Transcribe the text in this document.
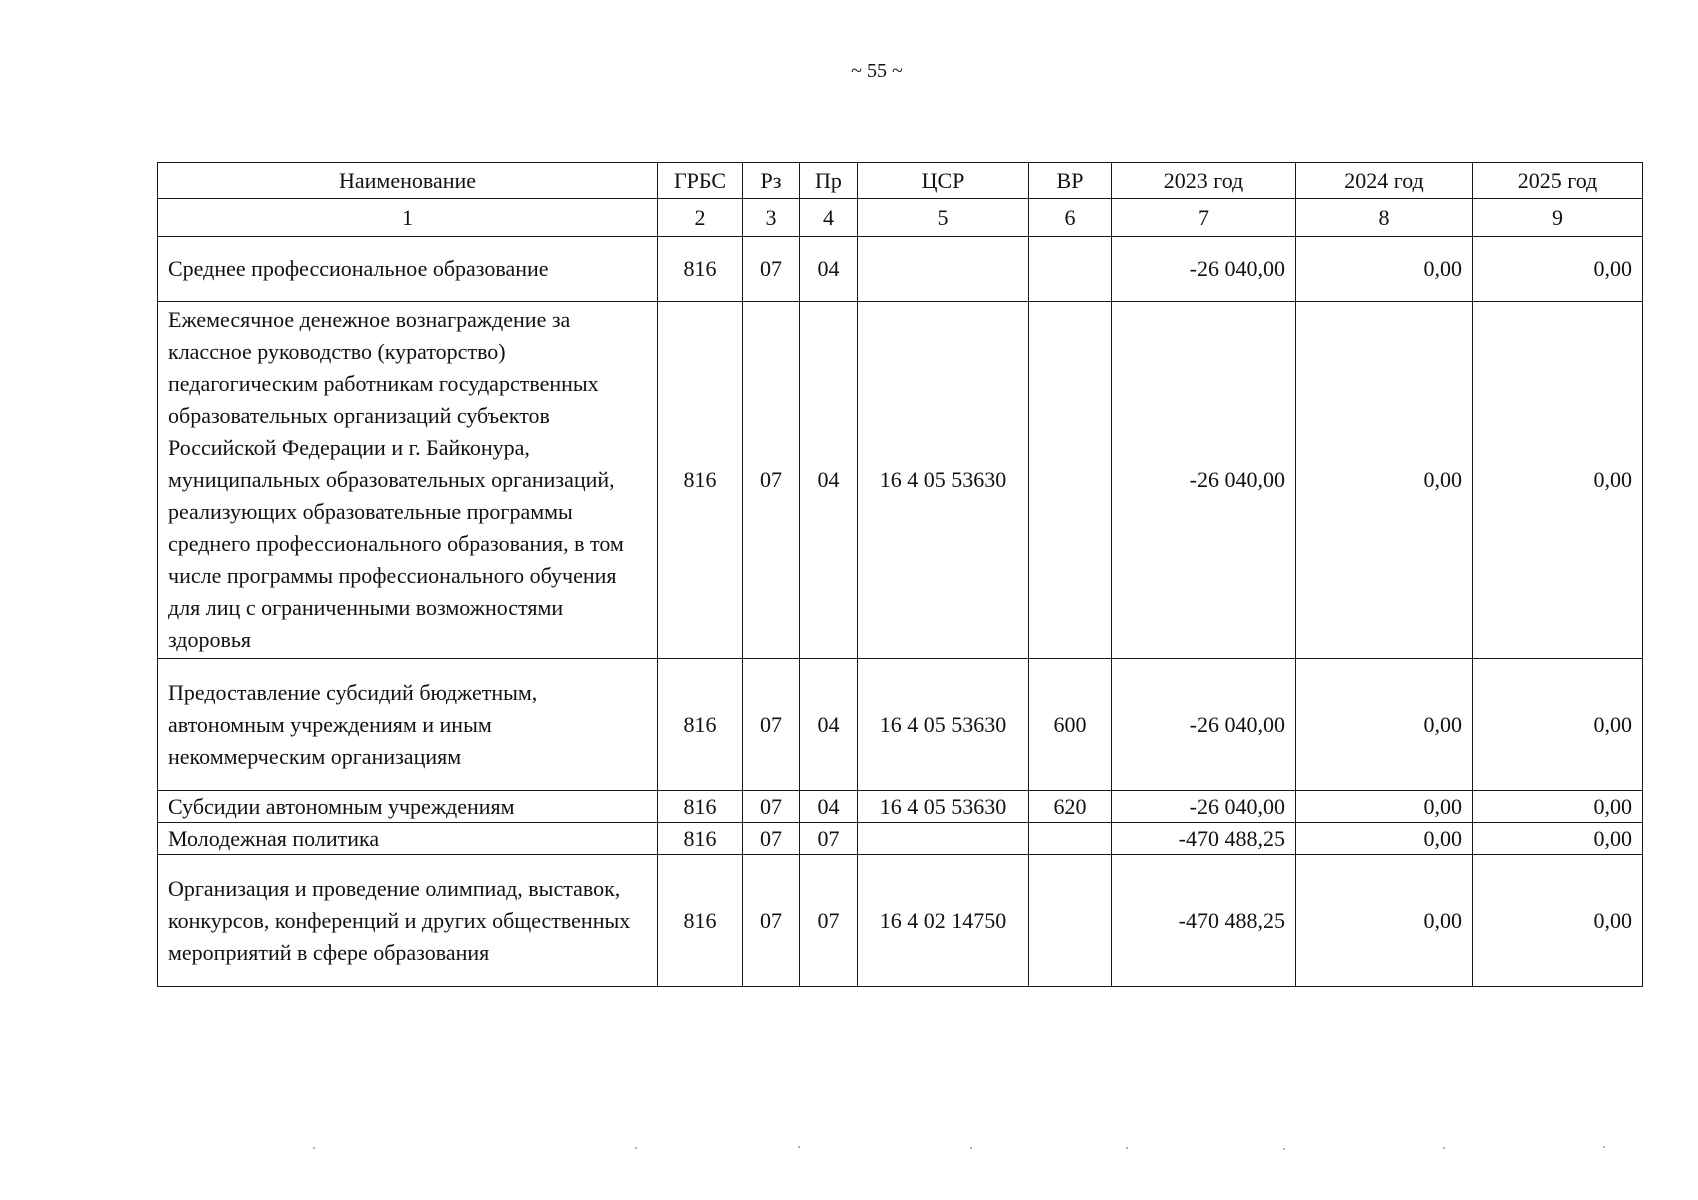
~ 55 ~
Наименование	ГРБС	Рз	Пр	ЦСР	ВР	2023 год	2024 год	2025 год
1	2	3	4	5	6	7	8	9
Среднее профессиональное образование	816	07	04			-26 040,00	0,00	0,00
Ежемесячное денежное вознаграждение за классное руководство (кураторство) педагогическим работникам государственных образовательных организаций субъектов Российской Федерации и г. Байконура, муниципальных образовательных организаций, реализующих образовательные программы среднего профессионального образования, в том числе программы профессионального обучения для лиц с ограниченными возможностями здоровья	816	07	04	16 4 05 53630		-26 040,00	0,00	0,00
Предоставление субсидий бюджетным, автономным учреждениям и иным некоммерческим организациям	816	07	04	16 4 05 53630	600	-26 040,00	0,00	0,00
Субсидии автономным учреждениям	816	07	04	16 4 05 53630	620	-26 040,00	0,00	0,00
Молодежная политика	816	07	07			-470 488,25	0,00	0,00
Организация и проведение олимпиад, выставок, конкурсов, конференций и других общественных мероприятий в сфере образования	816	07	07	16 4 02 14750		-470 488,25	0,00	0,00
